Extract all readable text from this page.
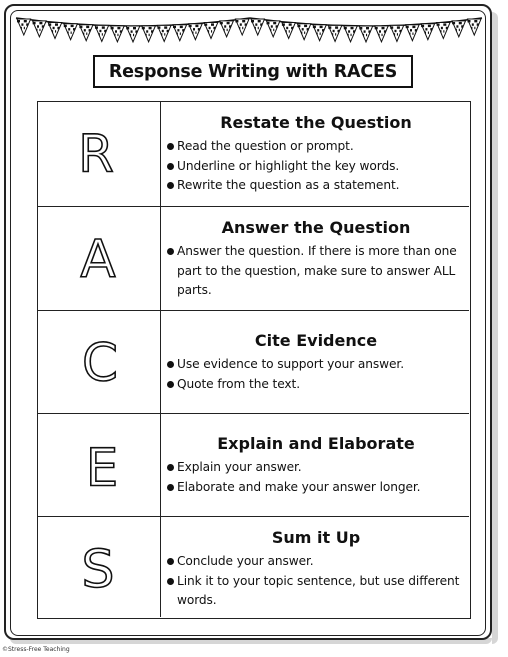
Response Writing with RACES
R
Restate the Question
Read the question or prompt.
Underline or highlight the key words.
Rewrite the question as a statement.
A
Answer the Question
Answer the question. If there is more than one part to the question, make sure to answer ALL parts.
C	Cite Evidence
Use evidence to support your answer.
Quote from the text.
E	Explain and Elaborate
Explain your answer.
Elaborate and make your answer longer.
S
Sum it Up
Conclude your answer.
Link it to your topic sentence, but use different words.
©Stress-Free Teaching
